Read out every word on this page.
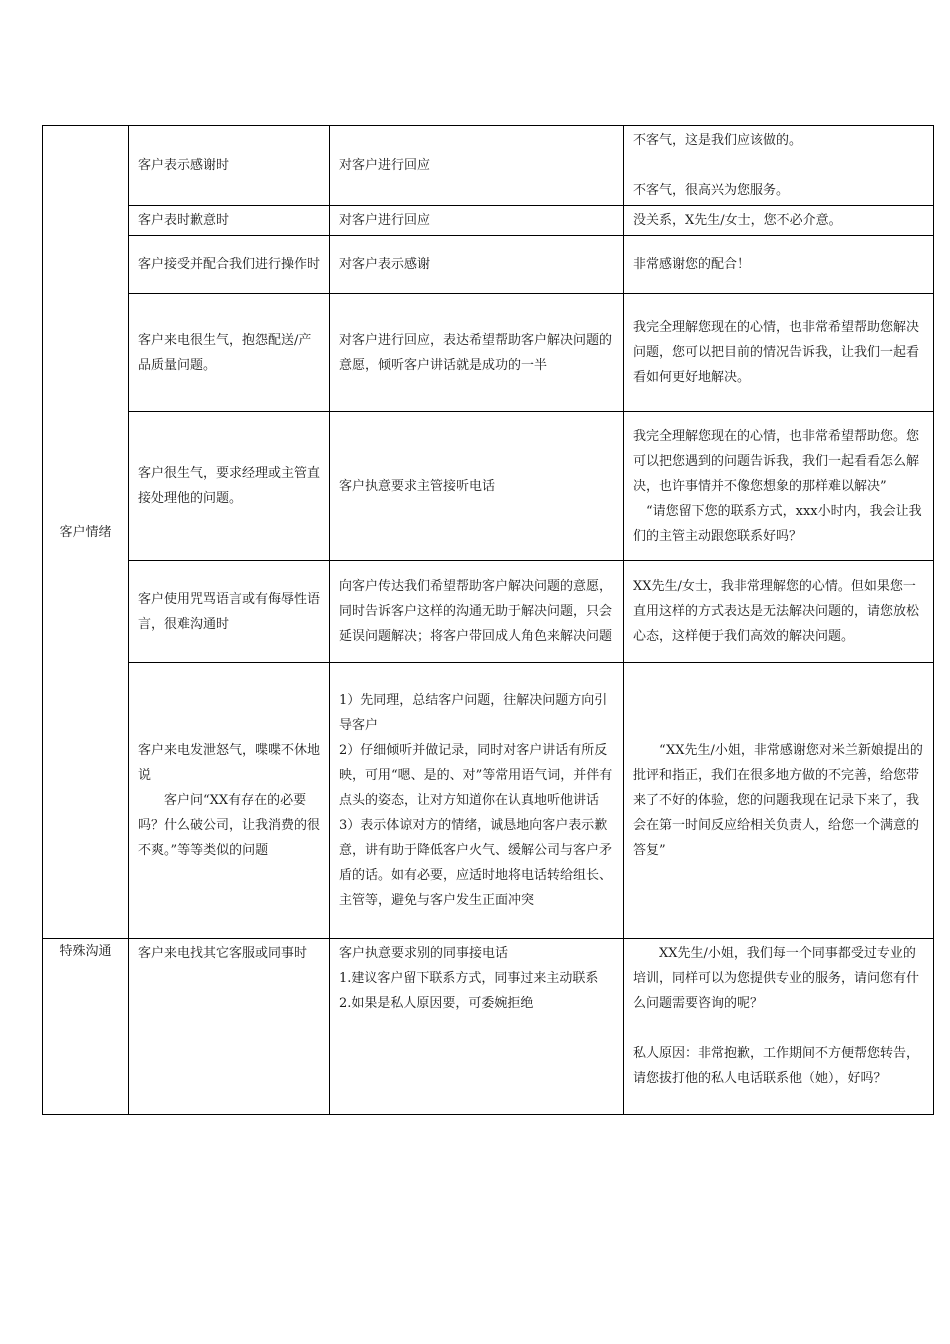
客户情绪	客户表示感谢时	对客户进行回应	不客气，这是我们应该做的。
不客气，很高兴为您服务。

	客户表时歉意时	对客户进行回应	没关系，X先生/女士，您不必介意。
	客户接受并配合我们进行操作时	对客户表示感谢	非常感谢您的配合！
	客户来电很生气，抱怨配送/产品质量问题。	对客户进行回应，表达希望帮助客户解决问题的意愿，倾听客户讲话就是成功的一半	我完全理解您现在的心情，也非常希望帮助您解决问题，您可以把目前的情况告诉我，让我们一起看看如何更好地解决。
	客户很生气，要求经理或主管直接处理他的问题。	客户执意要求主管接听电话	我完全理解您现在的心情，也非常希望帮助您。您可以把您遇到的问题告诉我，我们一起看看怎么解决，也许事情并不像您想象的那样难以解决”
“请您留下您的联系方式，xxx小时内，我会让我们的主管主动跟您联系好吗？

	客户使用咒骂语言或有侮辱性语言，很难沟通时	向客户传达我们希望帮助客户解决问题的意愿，同时告诉客户这样的沟通无助于解决问题，只会延误问题解决；将客户带回成人角色来解决问题	XX先生/女士，我非常理解您的心情。但如果您一直用这样的方式表达是无法解决问题的，请您放松心态，这样便于我们高效的解决问题。

	客户来电发泄怒气，喋喋不休地说
客户问“XX有存在的必要吗？什么破公司，让我消费的很不爽。”等等类似的问题	1）先同理，总结客户问题，往解决问题方向引导客户
2）仔细倾听并做记录，同时对客户讲话有所反映，可用“嗯、是的、对”等常用语气词，并伴有点头的姿态，让对方知道你在认真地听他讲话
3）表示体谅对方的情绪，诚恳地向客户表示歉意，讲有助于降低客户火气、缓解公司与客户矛盾的话。如有必要，应适时地将电话转给组长、主管等，避免与客户发生正面冲突	“XX先生/小姐，非常感谢您对米兰新娘提出的批评和指正，我们在很多地方做的不完善，给您带来了不好的体验，您的问题我现在记录下来了，我会在第一时间反应给相关负责人，给您一个满意的答复”

特殊沟通	客户来电找其它客服或同事时	客户执意要求别的同事接电话
1.建议客户留下联系方式，同事过来主动联系
2.如果是私人原因要，可委婉拒绝	XX先生/小姐，我们每一个同事都受过专业的培训，同样可以为您提供专业的服务，请问您有什么问题需要咨询的呢？
私人原因：非常抱歉，工作期间不方便帮您转告，请您拔打他的私人电话联系他（她），好吗？
